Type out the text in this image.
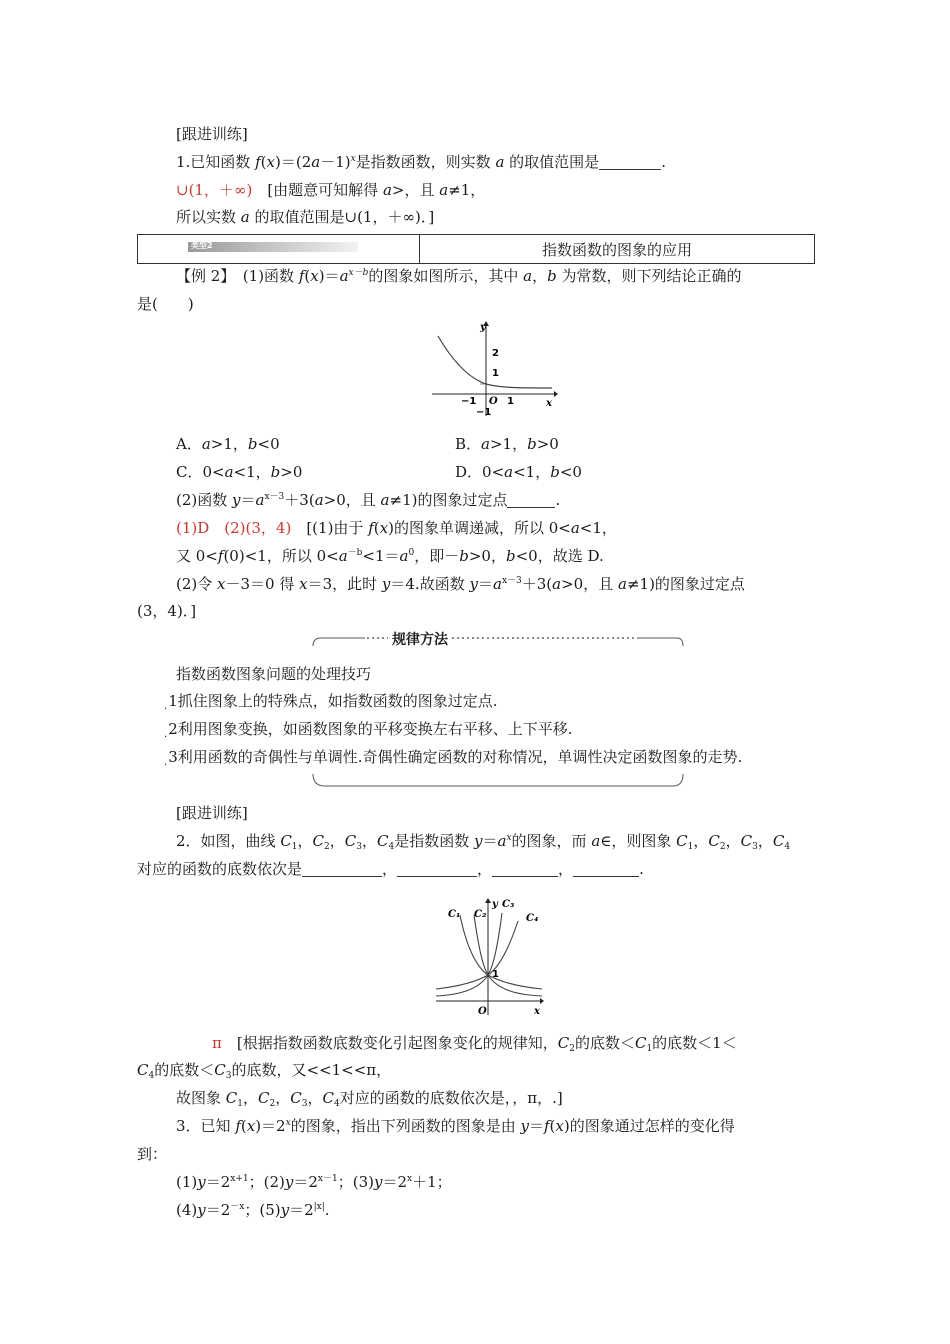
[跟进训练]
1.已知函数 $f(x)=(2a-1)^x$是指数函数，则实数 a 的取值范围是	.
∪(1，＋∞)　[由题意可知解得 a>，且 a≠1，
所以实数 a 的取值范围是∪(1，＋∞)．]
类型2	指数函数的图象的应用
【例 2】　(1)函数 $f(x)=a^{x-b}$的图象如图所示，其中 a，b 为常数，则下列结论正确的
是(　　)
y
x
O
−1	1
2
1
−1
A．a>1，b<0	B．a>1，b>0
C．0<a<1，b>0	D．0<a<1，b<0
(2)函数 $y=a^{x-3}+3(a>0$，且 a≠1)的图象过定点	.
(1)D　(2)(3，4)　[(1)由于 f(x)的图象单调递减，所以 0<a<1，
又 0<f(0)<1，所以 $0<a^{-b}<1=a^0$，即－b>0，b<0，故选 D.
(2)令 x－3＝0 得 x＝3，此时 y＝4.故函数 $y=a^{x-3}+3(a>0$，且 a≠1)的图象过定点
(3，4)．]
规律方法
指数函数图象问题的处理技巧
$_\cdot$1抓住图象上的特殊点，如指数函数的图象过定点.
$_\cdot$2利用图象变换，如函数图象的平移变换左右平移、上下平移.
$_\cdot$3利用函数的奇偶性与单调性.奇偶性确定函数的对称情况，单调性决定函数图象的走势.
[跟进训练]
2．如图，曲线 $C_1$，$C_2$，$C_3$，$C_4$是指数函数 $y=a^x$的图象，而 a∈，则图象 $C_1$，$C_2$，$C_3$，$C_4$
对应的函数的底数依次是	，	，	，	.
C₁ C₂
C₃
C₄
y
x
O
1
π　[根据指数函数底数变化引起图象变化的规律知，$C_2$的底数$<C_1$的底数＜1＜
$C_4$的底数$<C_3$的底数，又<<1<<π，
故图象 $C_1$，$C_2$，$C_3$，$C_4$对应的函数的底数依次是，，π，.]
3．已知 $f(x)=2^x$的图象，指出下列函数的图象是由 y＝f(x)的图象通过怎样的变化得
到：
$(1)y=2^{x+1}$；$(2)y=2^{x-1}$；$(3)y=2^x+1$；
$(4)y=2^{-x}$；$(5)y=2^{|x|}$.
